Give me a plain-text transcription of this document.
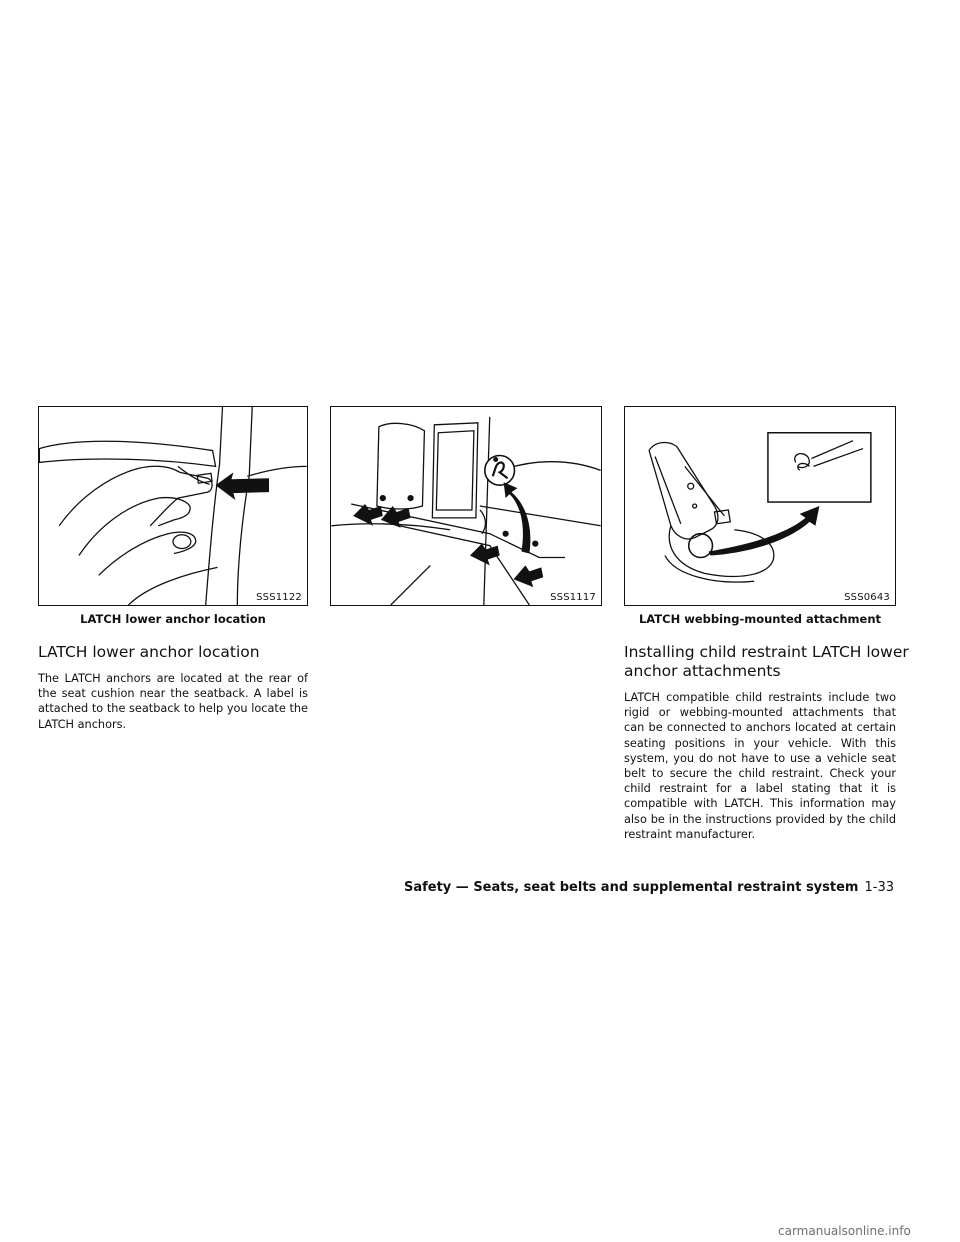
SSS1122	SSS1117	SSS0643
LATCH lower anchor location	LATCH webbing-mounted attachment
LATCH lower anchor location
The LATCH anchors are located at the rear of the seat cushion near the seatback. A label is attached to the seatback to help you locate the LATCH anchors.
Installing child restraint LATCH lower
anchor attachments
LATCH compatible child restraints include two rigid or webbing-mounted attachments that can be connected to anchors located at certain seating positions in your vehicle. With this system, you do not have to use a vehicle seat belt to secure the child restraint. Check your child restraint for a label stating that it is compatible with LATCH. This information may also be in the instructions provided by the child restraint manufacturer.
Safety — Seats, seat belts and supplemental restraint system 1-33
carmanualsonline.info
